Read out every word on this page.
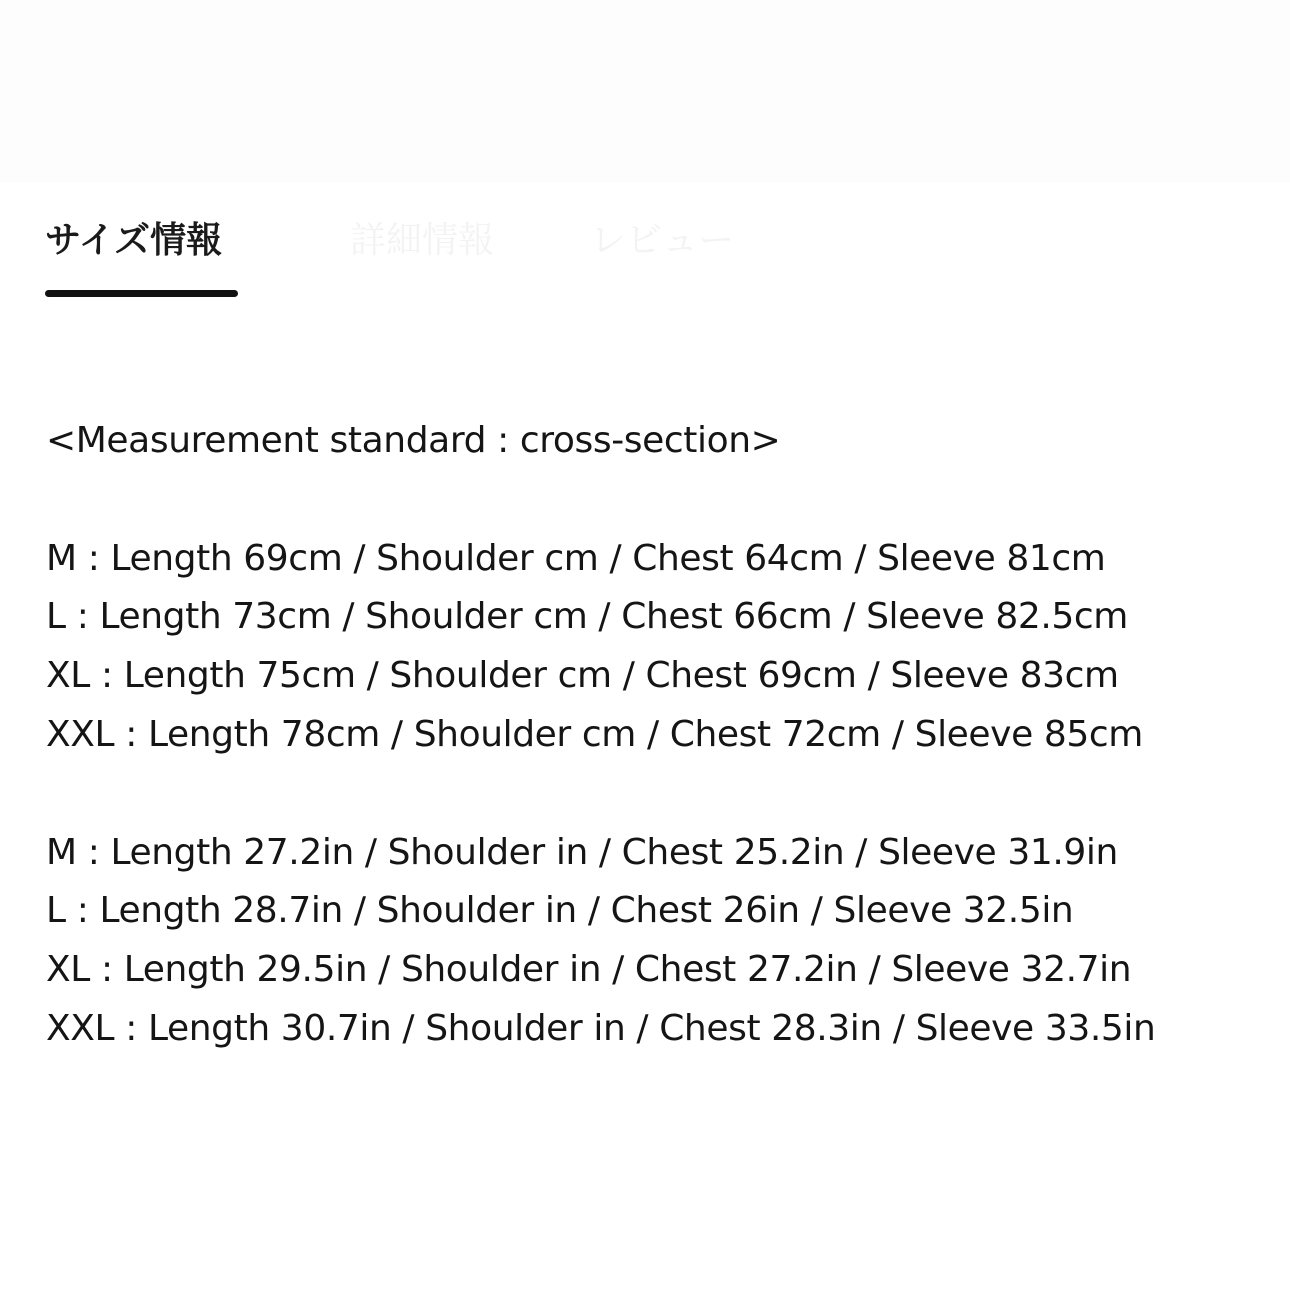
サイズ情報	詳細情報	レビュー
<Measurement standard : cross-section>
M : Length 69cm / Shoulder cm / Chest 64cm / Sleeve 81cm
L : Length 73cm / Shoulder cm / Chest 66cm / Sleeve 82.5cm
XL : Length 75cm / Shoulder cm / Chest 69cm / Sleeve 83cm
XXL : Length 78cm / Shoulder cm / Chest 72cm / Sleeve 85cm
M : Length 27.2in / Shoulder in / Chest 25.2in / Sleeve 31.9in
L : Length 28.7in / Shoulder in / Chest 26in / Sleeve 32.5in
XL : Length 29.5in / Shoulder in / Chest 27.2in / Sleeve 32.7in
XXL : Length 30.7in / Shoulder in / Chest 28.3in / Sleeve 33.5in
